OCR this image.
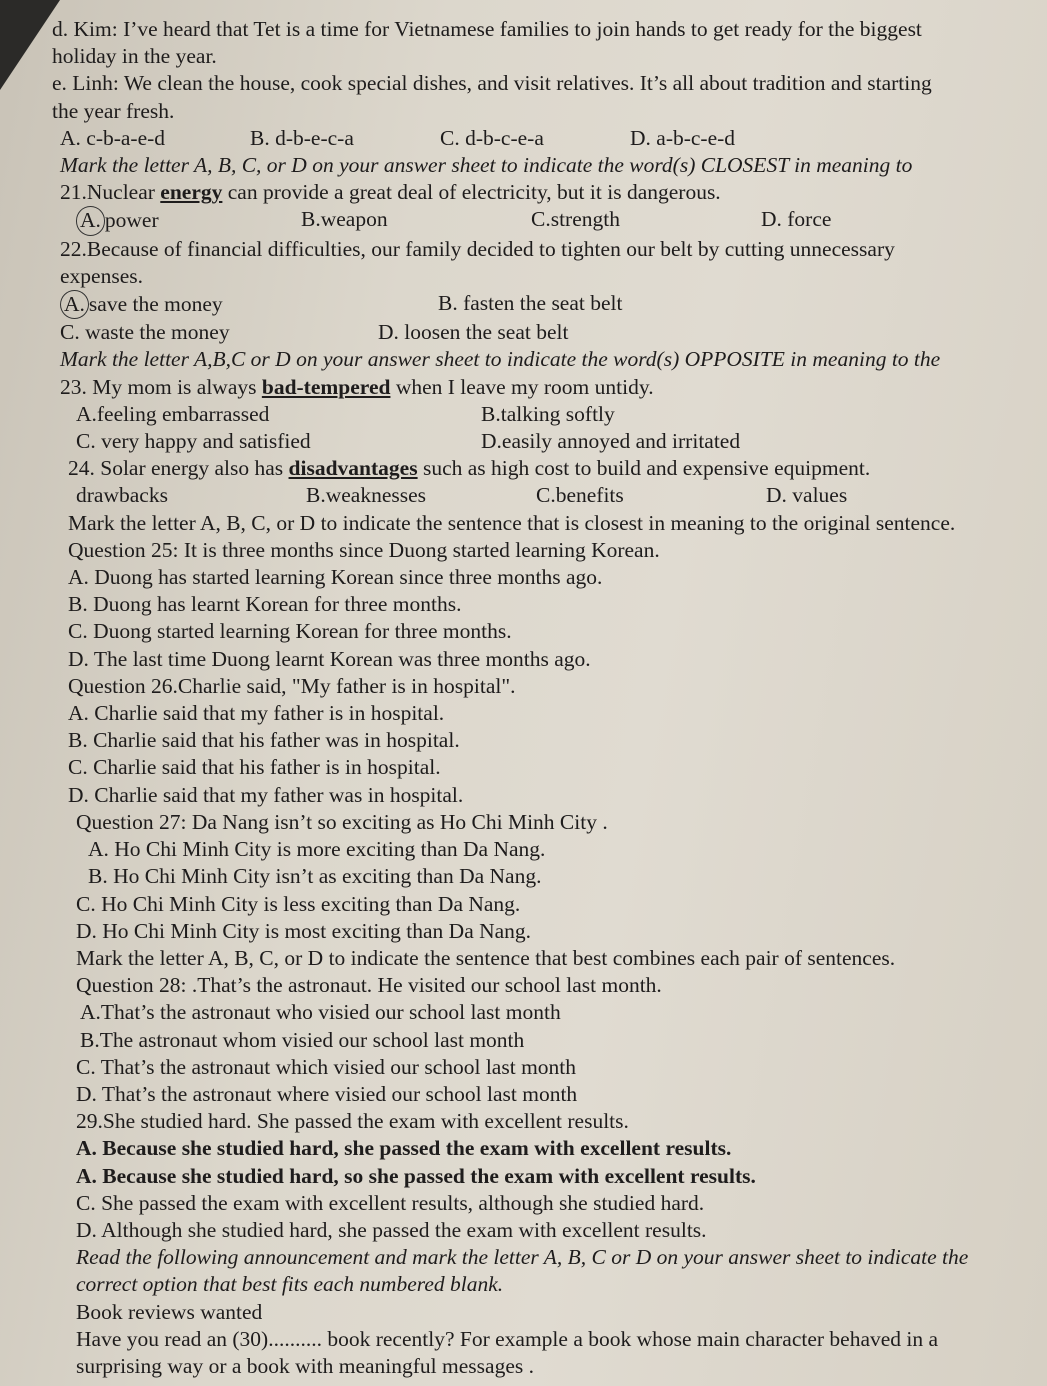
d. Kim: I’ve heard that Tet is a time for Vietnamese families to join hands to get ready for the biggest
holiday in the year.
e. Linh: We clean the house, cook special dishes, and visit relatives. It’s all about tradition and starting
the year fresh.
A. c-b-a-e-d	B. d-b-e-c-a	C. d-b-c-e-a	D. a-b-c-e-d
Mark the letter A, B, C, or D on your answer sheet to indicate the word(s) CLOSEST in meaning to
21.Nuclear energy can provide a great deal of electricity, but it is dangerous.
A.power	B.weapon	C.strength	D. force
22.Because of financial difficulties, our family decided to tighten our belt by cutting unnecessary
expenses.
A.save the money	B. fasten the seat belt
C. waste the money	D. loosen the seat belt
Mark the letter A,B,C or D on your answer sheet to indicate the word(s) OPPOSITE in meaning to the
23. My mom is always bad-tempered when I leave my room untidy.
A.feeling embarrassed	B.talking softly
C. very happy and satisfied	D.easily annoyed and irritated
24. Solar energy also has disadvantages such as high cost to build and expensive equipment.
drawbacks	B.weaknesses	C.benefits	D. values
Mark the letter A, B, C, or D to indicate the sentence that is closest in meaning to the original sentence.
Question 25: It is three months since Duong started learning Korean.
A. Duong has started learning Korean since three months ago.
B. Duong has learnt Korean for three months.
C. Duong started learning Korean for three months.
D. The last time Duong learnt Korean was three months ago.
Question 26.Charlie said, "My father is in hospital".
A. Charlie said that my father is in hospital.
B. Charlie said that his father was in hospital.
C. Charlie said that his father is in hospital.
D. Charlie said that my father was in hospital.
Question 27: Da Nang isn’t so exciting as Ho Chi Minh City .
A. Ho Chi Minh City is more exciting than Da Nang.
B. Ho Chi Minh City isn’t as exciting than Da Nang.
C. Ho Chi Minh City is less exciting than Da Nang.
D. Ho Chi Minh City is most exciting than Da Nang.
Mark the letter A, B, C, or D to indicate the sentence that best combines each pair of sentences.
Question 28: .That’s the astronaut. He visited our school last month.
A.That’s the astronaut who visied our school last month
B.The astronaut whom visied our school last month
C. That’s the astronaut which visied our school last month
D. That’s the astronaut where visied our school last month
29.She studied hard. She passed the exam with excellent results.
A. Because she studied hard, she passed the exam with excellent results.
A. Because she studied hard, so she passed the exam with excellent results.
C. She passed the exam with excellent results, although she studied hard.
D. Although she studied hard, she passed the exam with excellent results.
Read the following announcement and mark the letter A, B, C or D on your answer sheet to indicate the
correct option that best fits each numbered blank.
Book reviews wanted
Have you read an (30).......... book recently? For example a book whose main character behaved in a
surprising way or a book with meaningful messages .
